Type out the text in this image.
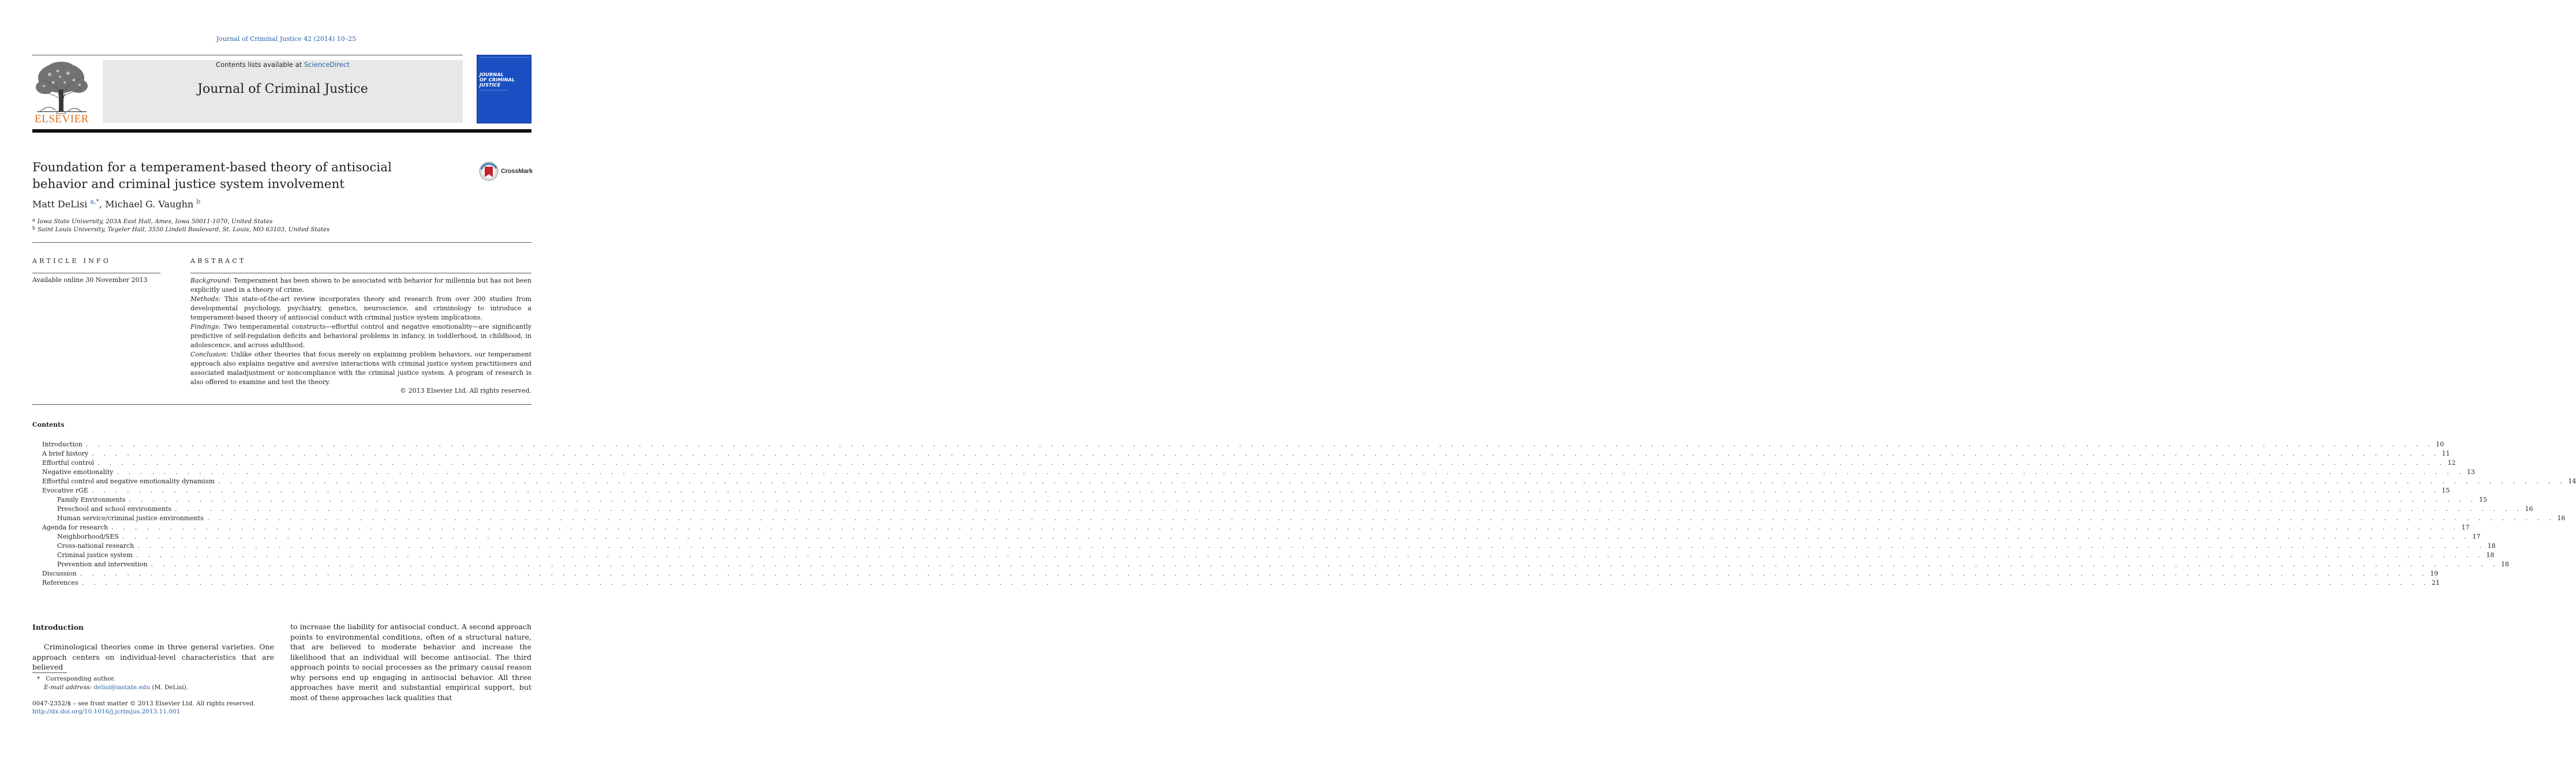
Journal of Criminal Justice 42 (2014) 10–25
ELSEVIER
Contents lists available at ScienceDirect
Journal of Criminal Justice
JOURNAL
OF CRIMINAL
JUSTICE
Foundation for a temperament-based theory of antisocial behavior and criminal justice system involvement
CrossMark
Matt DeLisi $^{a,*}$, Michael G. Vaughn $^b$
$^a$ Iowa State University, 203A East Hall, Ames, Iowa 50011-1070, United States
$^b$ Saint Louis University, Tegeler Hall, 3550 Lindell Boulevard, St. Louis, MO 63103, United States
ARTICLE INFO	ABSTRACT
Available online 30 November 2013	Background: Temperament has been shown to be associated with behavior for millennia but has not been explicitly used in a theory of crime.

Methods: This state-of-the-art review incorporates theory and research from over 300 studies from developmental psychology, psychiatry, genetics, neuroscience, and criminology to introduce a temperament-based theory of antisocial conduct with criminal justice system implications.

Findings: Two temperamental constructs—effortful control and negative emotionality—are significantly predictive of self-regulation deficits and behavioral problems in infancy, in toddlerhood, in childhood, in adolescence, and across adulthood.

Conclusion: Unlike other theories that focus merely on explaining problem behaviors, our temperament approach also explains negative and aversive interactions with criminal justice system practitioners and associated maladjustment or noncompliance with the criminal justice system. A program of research is also offered to examine and test the theory.

© 2013 Elsevier Ltd. All rights reserved.
Contents
Introduction . . . . . . . . . . . . . . . . . . . . . . . . . . . . . . . . . . . . . . . . . . . . . . . . . . . . . . . . . . . . . . . . . . . . . . . . . . . . . . . . . . . . . . . . . . . . . . . . . . . . . . . . . . . . . . . . . . . . . . . . . . . . . . . . . . . . . . . . . . . . . . . . . . . . . . . . . . . . . . . . . . . . . . . . . . . . . . . . . . . . . . . . . . . . . . . . . . . . . . . . 10
A brief history . . . . . . . . . . . . . . . . . . . . . . . . . . . . . . . . . . . . . . . . . . . . . . . . . . . . . . . . . . . . . . . . . . . . . . . . . . . . . . . . . . . . . . . . . . . . . . . . . . . . . . . . . . . . . . . . . . . . . . . . . . . . . . . . . . . . . . . . . . . . . . . . . . . . . . . . . . . . . . . . . . . . . . . . . . . . . . . . . . . . . . . . . . . . . . . . . . . . . . . . 11
Effortful control . . . . . . . . . . . . . . . . . . . . . . . . . . . . . . . . . . . . . . . . . . . . . . . . . . . . . . . . . . . . . . . . . . . . . . . . . . . . . . . . . . . . . . . . . . . . . . . . . . . . . . . . . . . . . . . . . . . . . . . . . . . . . . . . . . . . . . . . . . . . . . . . . . . . . . . . . . . . . . . . . . . . . . . . . . . . . . . . . . . . . . . . . . . . . . . . . . . . . . . . 12
Negative emotionality . . . . . . . . . . . . . . . . . . . . . . . . . . . . . . . . . . . . . . . . . . . . . . . . . . . . . . . . . . . . . . . . . . . . . . . . . . . . . . . . . . . . . . . . . . . . . . . . . . . . . . . . . . . . . . . . . . . . . . . . . . . . . . . . . . . . . . . . . . . . . . . . . . . . . . . . . . . . . . . . . . . . . . . . . . . . . . . . . . . . . . . . . . . . . . . . . . . . . . . . 13
Effortful control and negative emotionality dynamism . . . . . . . . . . . . . . . . . . . . . . . . . . . . . . . . . . . . . . . . . . . . . . . . . . . . . . . . . . . . . . . . . . . . . . . . . . . . . . . . . . . . . . . . . . . . . . . . . . . . . . . . . . . . . . . . . . . . . . . . . . . . . . . . . . . . . . . . . . . . . . . . . . . . . . . . . . . . . . . . . . . . . . . . . . . . . . . . . . . . . . . . . . . . . . . . . . . . . . . . 14
Evocative rGE . . . . . . . . . . . . . . . . . . . . . . . . . . . . . . . . . . . . . . . . . . . . . . . . . . . . . . . . . . . . . . . . . . . . . . . . . . . . . . . . . . . . . . . . . . . . . . . . . . . . . . . . . . . . . . . . . . . . . . . . . . . . . . . . . . . . . . . . . . . . . . . . . . . . . . . . . . . . . . . . . . . . . . . . . . . . . . . . . . . . . . . . . . . . . . . . . . . . . . . . 15
Family Environments . . . . . . . . . . . . . . . . . . . . . . . . . . . . . . . . . . . . . . . . . . . . . . . . . . . . . . . . . . . . . . . . . . . . . . . . . . . . . . . . . . . . . . . . . . . . . . . . . . . . . . . . . . . . . . . . . . . . . . . . . . . . . . . . . . . . . . . . . . . . . . . . . . . . . . . . . . . . . . . . . . . . . . . . . . . . . . . . . . . . . . . . . . . . . . . . . . . . . . . . 15
Preschool and school environments . . . . . . . . . . . . . . . . . . . . . . . . . . . . . . . . . . . . . . . . . . . . . . . . . . . . . . . . . . . . . . . . . . . . . . . . . . . . . . . . . . . . . . . . . . . . . . . . . . . . . . . . . . . . . . . . . . . . . . . . . . . . . . . . . . . . . . . . . . . . . . . . . . . . . . . . . . . . . . . . . . . . . . . . . . . . . . . . . . . . . . . . . . . . . . . . . . . . . . . . 16
Human service/criminal justice environments . . . . . . . . . . . . . . . . . . . . . . . . . . . . . . . . . . . . . . . . . . . . . . . . . . . . . . . . . . . . . . . . . . . . . . . . . . . . . . . . . . . . . . . . . . . . . . . . . . . . . . . . . . . . . . . . . . . . . . . . . . . . . . . . . . . . . . . . . . . . . . . . . . . . . . . . . . . . . . . . . . . . . . . . . . . . . . . . . . . . . . . . . . . . . . . . . . . . . . . . 16
Agenda for research . . . . . . . . . . . . . . . . . . . . . . . . . . . . . . . . . . . . . . . . . . . . . . . . . . . . . . . . . . . . . . . . . . . . . . . . . . . . . . . . . . . . . . . . . . . . . . . . . . . . . . . . . . . . . . . . . . . . . . . . . . . . . . . . . . . . . . . . . . . . . . . . . . . . . . . . . . . . . . . . . . . . . . . . . . . . . . . . . . . . . . . . . . . . . . . . . . . . . . . . 17
Neighborhood/SES . . . . . . . . . . . . . . . . . . . . . . . . . . . . . . . . . . . . . . . . . . . . . . . . . . . . . . . . . . . . . . . . . . . . . . . . . . . . . . . . . . . . . . . . . . . . . . . . . . . . . . . . . . . . . . . . . . . . . . . . . . . . . . . . . . . . . . . . . . . . . . . . . . . . . . . . . . . . . . . . . . . . . . . . . . . . . . . . . . . . . . . . . . . . . . . . . . . . . . . . 17
Cross-national research . . . . . . . . . . . . . . . . . . . . . . . . . . . . . . . . . . . . . . . . . . . . . . . . . . . . . . . . . . . . . . . . . . . . . . . . . . . . . . . . . . . . . . . . . . . . . . . . . . . . . . . . . . . . . . . . . . . . . . . . . . . . . . . . . . . . . . . . . . . . . . . . . . . . . . . . . . . . . . . . . . . . . . . . . . . . . . . . . . . . . . . . . . . . . . . . . . . . . . . . 18
Criminal justice system . . . . . . . . . . . . . . . . . . . . . . . . . . . . . . . . . . . . . . . . . . . . . . . . . . . . . . . . . . . . . . . . . . . . . . . . . . . . . . . . . . . . . . . . . . . . . . . . . . . . . . . . . . . . . . . . . . . . . . . . . . . . . . . . . . . . . . . . . . . . . . . . . . . . . . . . . . . . . . . . . . . . . . . . . . . . . . . . . . . . . . . . . . . . . . . . . . . . . . . . 18
Prevention and intervention . . . . . . . . . . . . . . . . . . . . . . . . . . . . . . . . . . . . . . . . . . . . . . . . . . . . . . . . . . . . . . . . . . . . . . . . . . . . . . . . . . . . . . . . . . . . . . . . . . . . . . . . . . . . . . . . . . . . . . . . . . . . . . . . . . . . . . . . . . . . . . . . . . . . . . . . . . . . . . . . . . . . . . . . . . . . . . . . . . . . . . . . . . . . . . . . . . . . . . . . 18
Discussion . . . . . . . . . . . . . . . . . . . . . . . . . . . . . . . . . . . . . . . . . . . . . . . . . . . . . . . . . . . . . . . . . . . . . . . . . . . . . . . . . . . . . . . . . . . . . . . . . . . . . . . . . . . . . . . . . . . . . . . . . . . . . . . . . . . . . . . . . . . . . . . . . . . . . . . . . . . . . . . . . . . . . . . . . . . . . . . . . . . . . . . . . . . . . . . . . . . . . . . . 19
References . . . . . . . . . . . . . . . . . . . . . . . . . . . . . . . . . . . . . . . . . . . . . . . . . . . . . . . . . . . . . . . . . . . . . . . . . . . . . . . . . . . . . . . . . . . . . . . . . . . . . . . . . . . . . . . . . . . . . . . . . . . . . . . . . . . . . . . . . . . . . . . . . . . . . . . . . . . . . . . . . . . . . . . . . . . . . . . . . . . . . . . . . . . . . . . . . . . . . . . . 21
Introduction
Criminological theories come in three general varieties. One approach centers on individual-level characteristics that are believed
to increase the liability for antisocial conduct. A second approach points to environmental conditions, often of a structural nature, that are believed to moderate behavior and increase the likelihood that an individual will become antisocial. The third approach points to social processes as the primary causal reason why persons end up engaging in antisocial behavior. All three approaches have merit and substantial empirical support, but most of these approaches lack qualities that
* Corresponding author.
E-mail address: delisi@iastate.edu (M. DeLisi).
0047-2352/$ – see front matter © 2013 Elsevier Ltd. All rights reserved.
http://dx.doi.org/10.1016/j.jcrimjus.2013.11.001
